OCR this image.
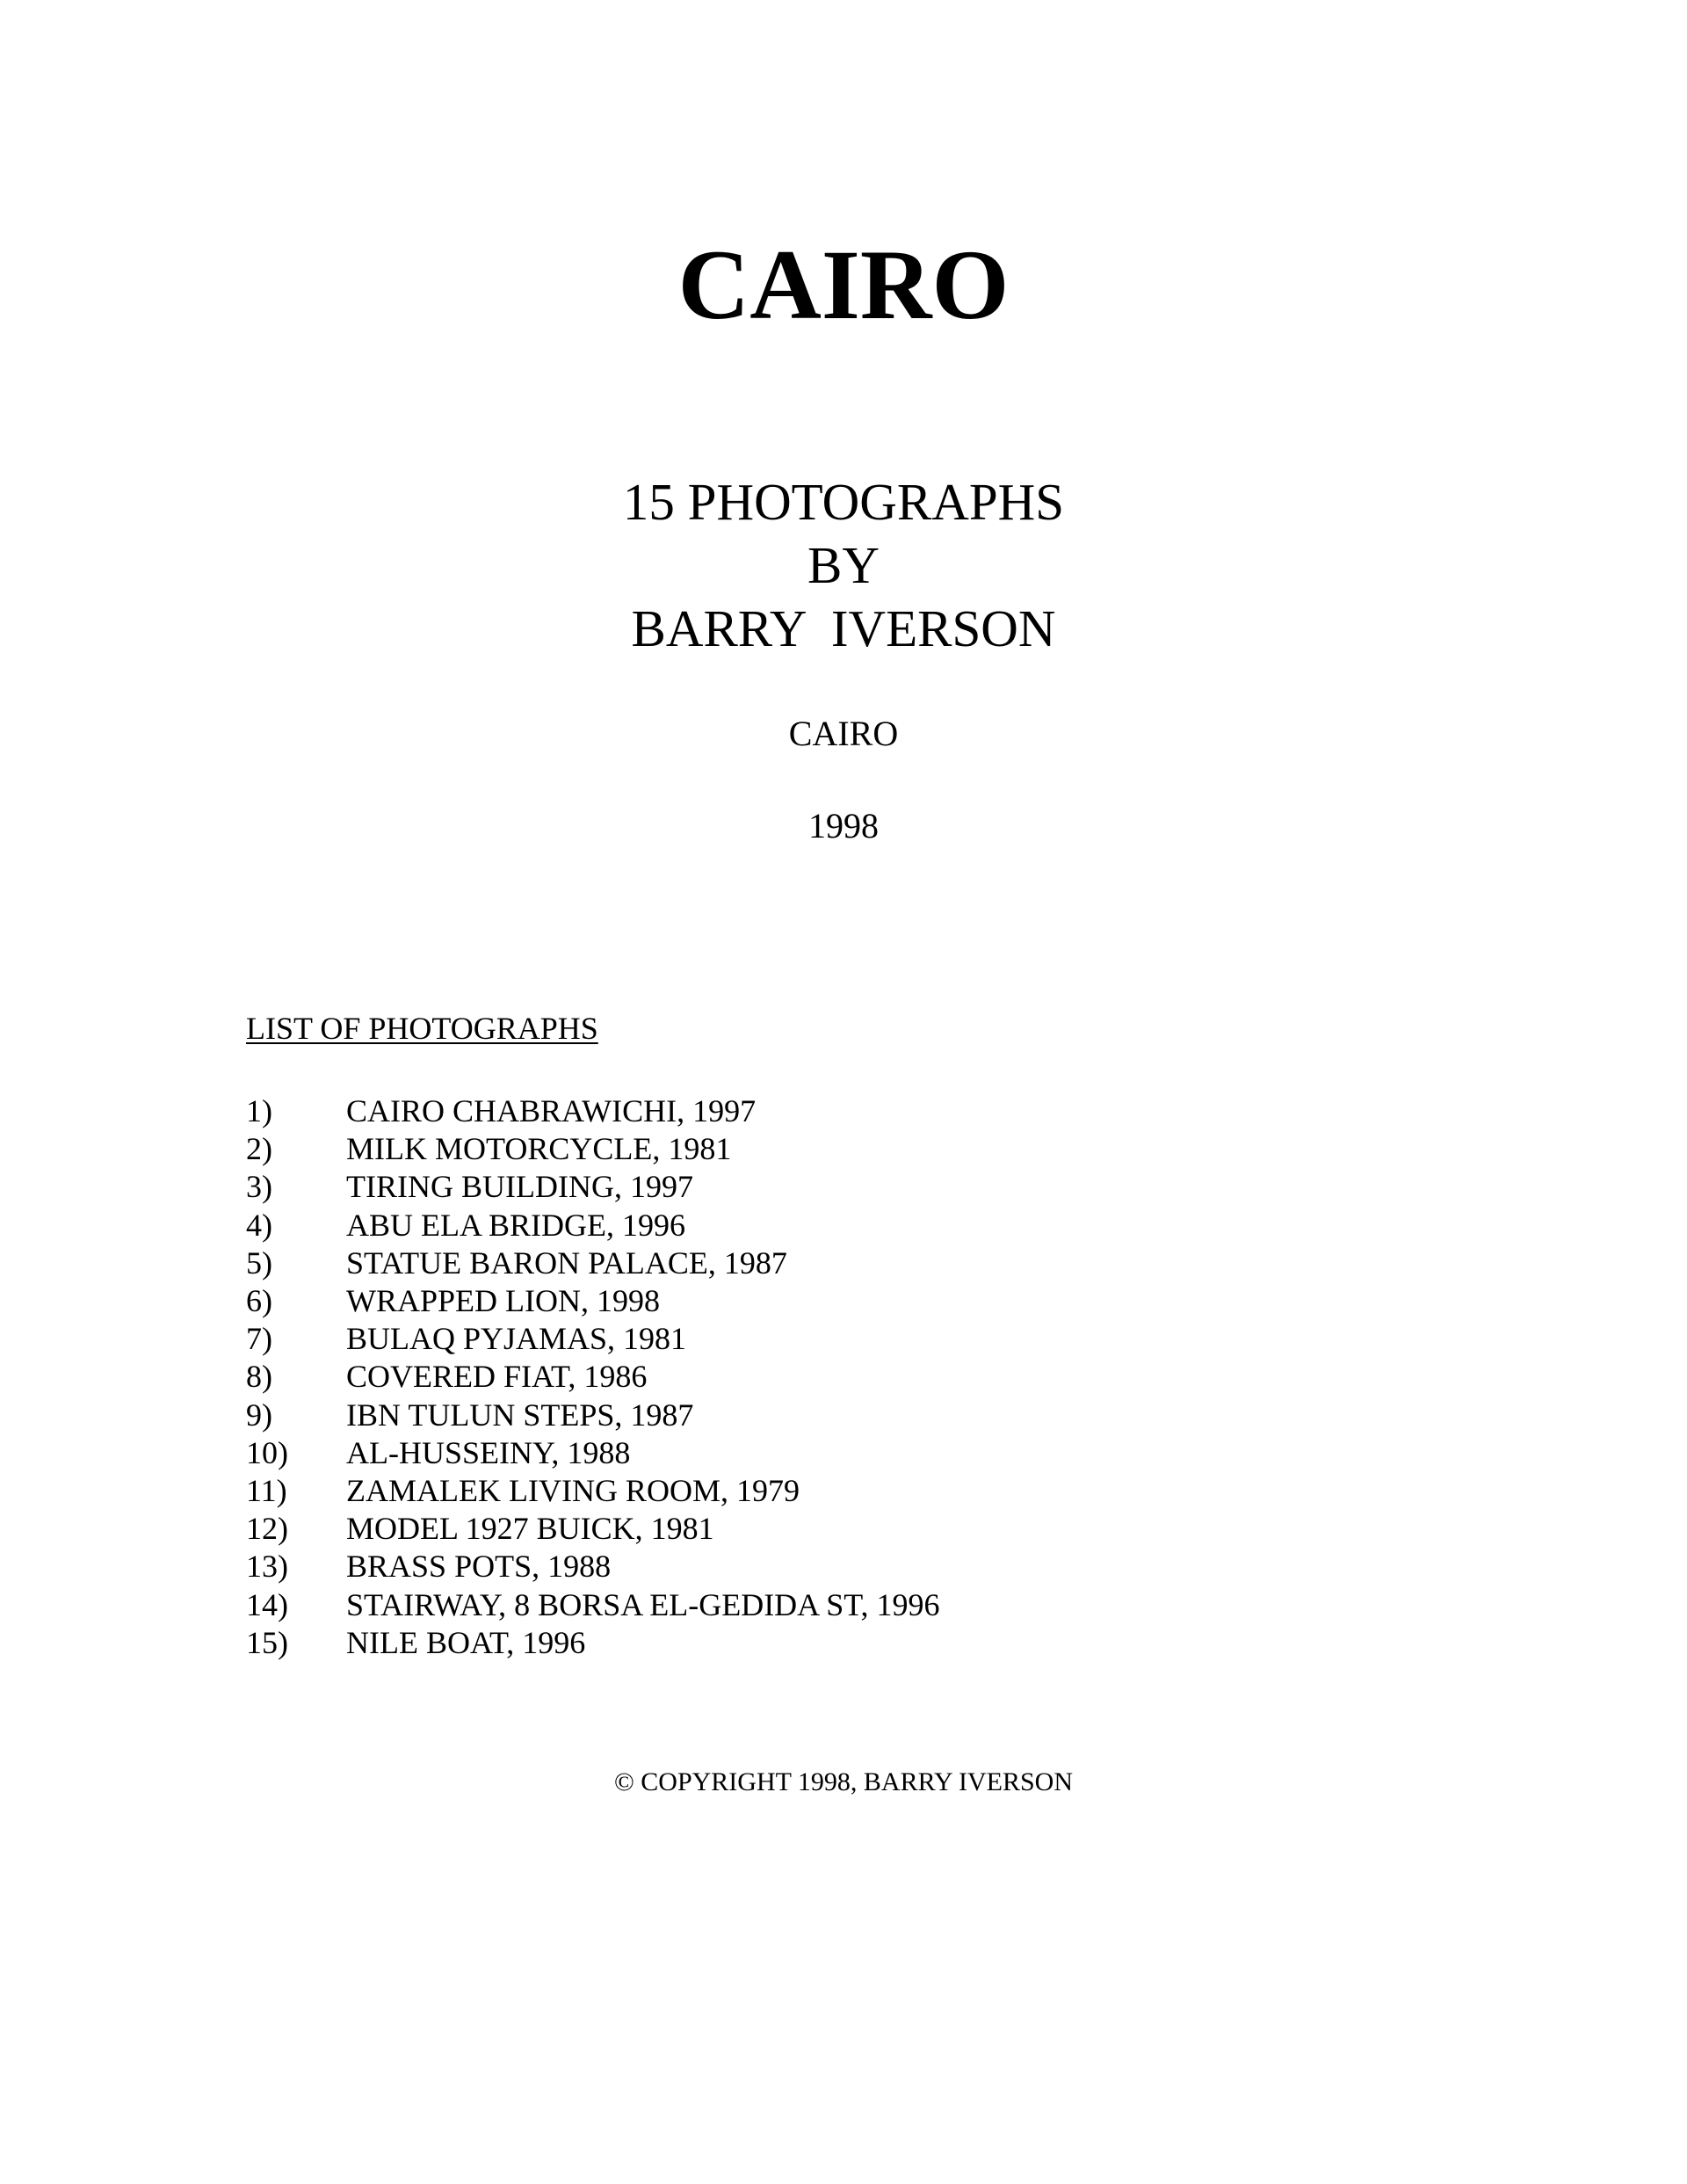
CAIRO
15 PHOTOGRAPHS
BY
BARRY  IVERSON

CAIRO

1998

LIST OF PHOTOGRAPHS

1)	CAIRO CHABRAWICHI, 1997
2)	MILK MOTORCYCLE, 1981
3)	TIRING BUILDING, 1997
4)	ABU ELA BRIDGE, 1996
5)	STATUE BARON PALACE, 1987
6)	WRAPPED LION, 1998
7)	BULAQ PYJAMAS, 1981
8)	COVERED FIAT, 1986
9)	IBN TULUN STEPS, 1987
10)	AL-HUSSEINY, 1988
11)	ZAMALEK LIVING ROOM, 1979
12)	MODEL 1927 BUICK, 1981
13)	BRASS POTS, 1988
14)	STAIRWAY, 8 BORSA EL-GEDIDA ST, 1996
15)	NILE BOAT, 1996

© COPYRIGHT 1998, BARRY IVERSON
